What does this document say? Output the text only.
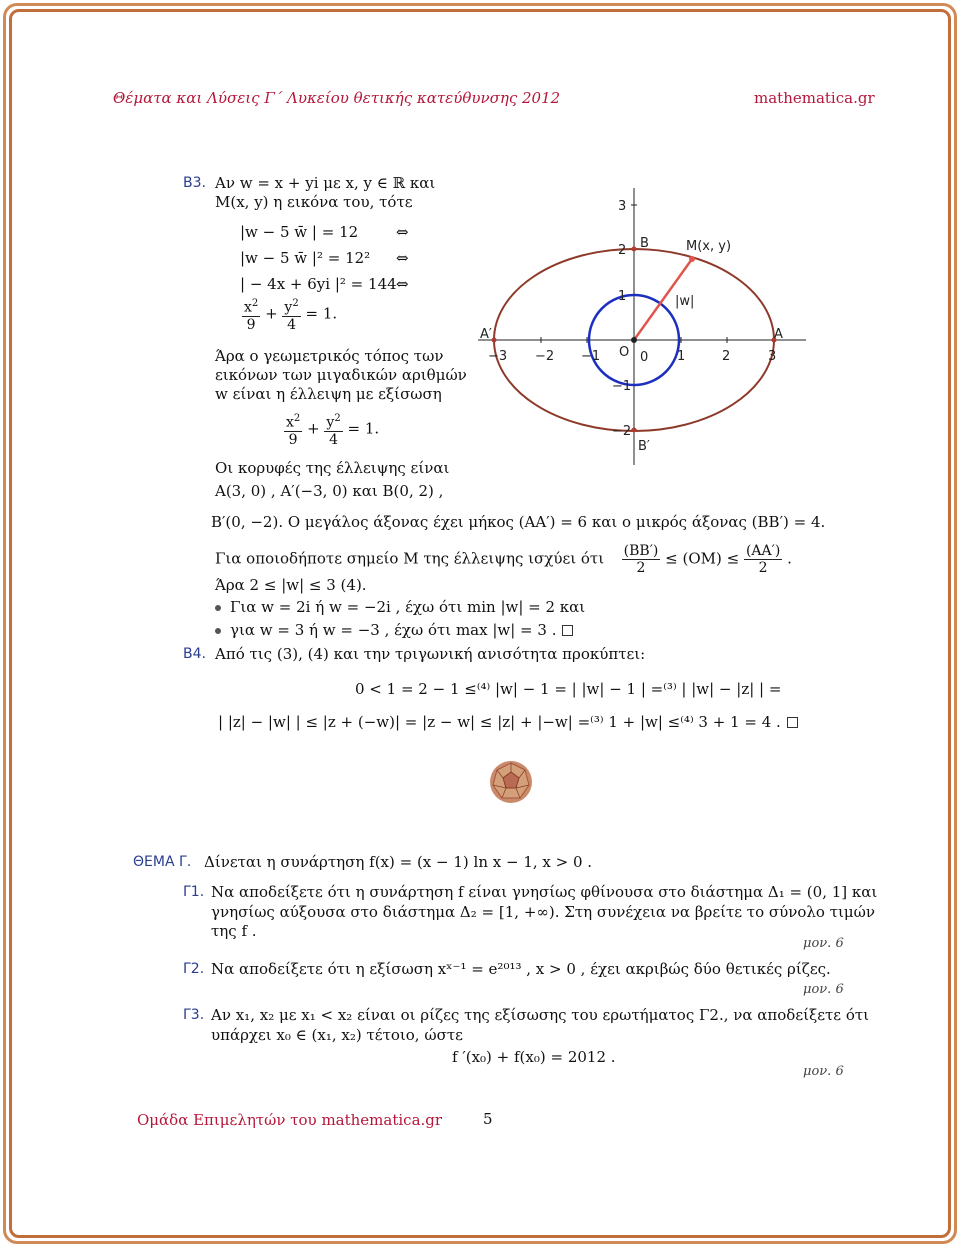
Θέματα και Λύσεις Γ΄ Λυκείου θετικής κατεύθυνσης 2012	mathematica.gr
Β3. Αν w = x + yi με x, y ∈ ℝ και
M(x, y) η εικόνα του, τότε
|w − 5 w̄ | = 12	⇔
|w − 5 w̄ |² = 12² ⇔
| − 4x + 6yi |² = 144 ⇔
$\frac{x^2}{9} + \frac{y^2}{4} = 1$.
Άρα ο γεωμετρικός τόπος των
εικόνων των μιγαδικών αριθμών
w είναι η έλλειψη με εξίσωση
$\frac{x^2}{9} + \frac{y^2}{4} = 1$.
Οι κορυφές της έλλειψης είναι
A(3, 0) , A′(−3, 0) και B(0, 2) ,
B′(0, −2). Ο μεγάλος άξονας έχει μήκος (AA′) = 6 και ο μικρός άξονας (BB′) = 4.
Για οποιοδήποτε σημείο M της έλλειψης ισχύει ότι $\frac{(BB')}{2} \le (OM) \le \frac{(AA')}{2}$ .
Άρα 2 ≤ |w| ≤ 3 (4).
Για w = 2i ή w = −2i , έχω ότι min |w| = 2 και
για w = 3 ή w = −3 , έχω ότι max |w| = 3 .
A′	A
B
B′
M(x, y)
|w|
O
−3 −2 −1	0 1	2	3
3
2
1
−1
−2
Β4. Από τις (3), (4) και την τριγωνική ανισότητα προκύπτει:
0 < 1 = 2 − 1 ≤⁽⁴⁾ |w| − 1 = | |w| − 1 | =⁽³⁾ | |w| − |z| | =
| |z| − |w| | ≤ |z + (−w)| = |z − w| ≤ |z| + |−w| =⁽³⁾ 1 + |w| ≤⁽⁴⁾ 3 + 1 = 4 .
ΘΕΜΑ Γ. Δίνεται η συνάρτηση f(x) = (x − 1) ln x − 1, x > 0 .
Γ1. Να αποδείξετε ότι η συνάρτηση f είναι γνησίως φθίνουσα στο διάστημα Δ₁ = (0, 1] και
γνησίως αύξουσα στο διάστημα Δ₂ = [1, +∞). Στη συνέχεια να βρείτε το σύνολο τιμών
της f .
μον. 6
Γ2. Να αποδείξετε ότι η εξίσωση xˣ⁻¹ = e²⁰¹³ , x > 0 , έχει ακριβώς δύο θετικές ρίζες.
μον. 6
Γ3. Αν x₁, x₂ με x₁ < x₂ είναι οι ρίζες της εξίσωσης του ερωτήματος Γ2., να αποδείξετε ότι
υπάρχει x₀ ∈ (x₁, x₂) τέτοιο, ώστε
f ′(x₀) + f(x₀) = 2012 .
μον. 6
Ομάδα Επιμελητών του mathematica.gr	5
